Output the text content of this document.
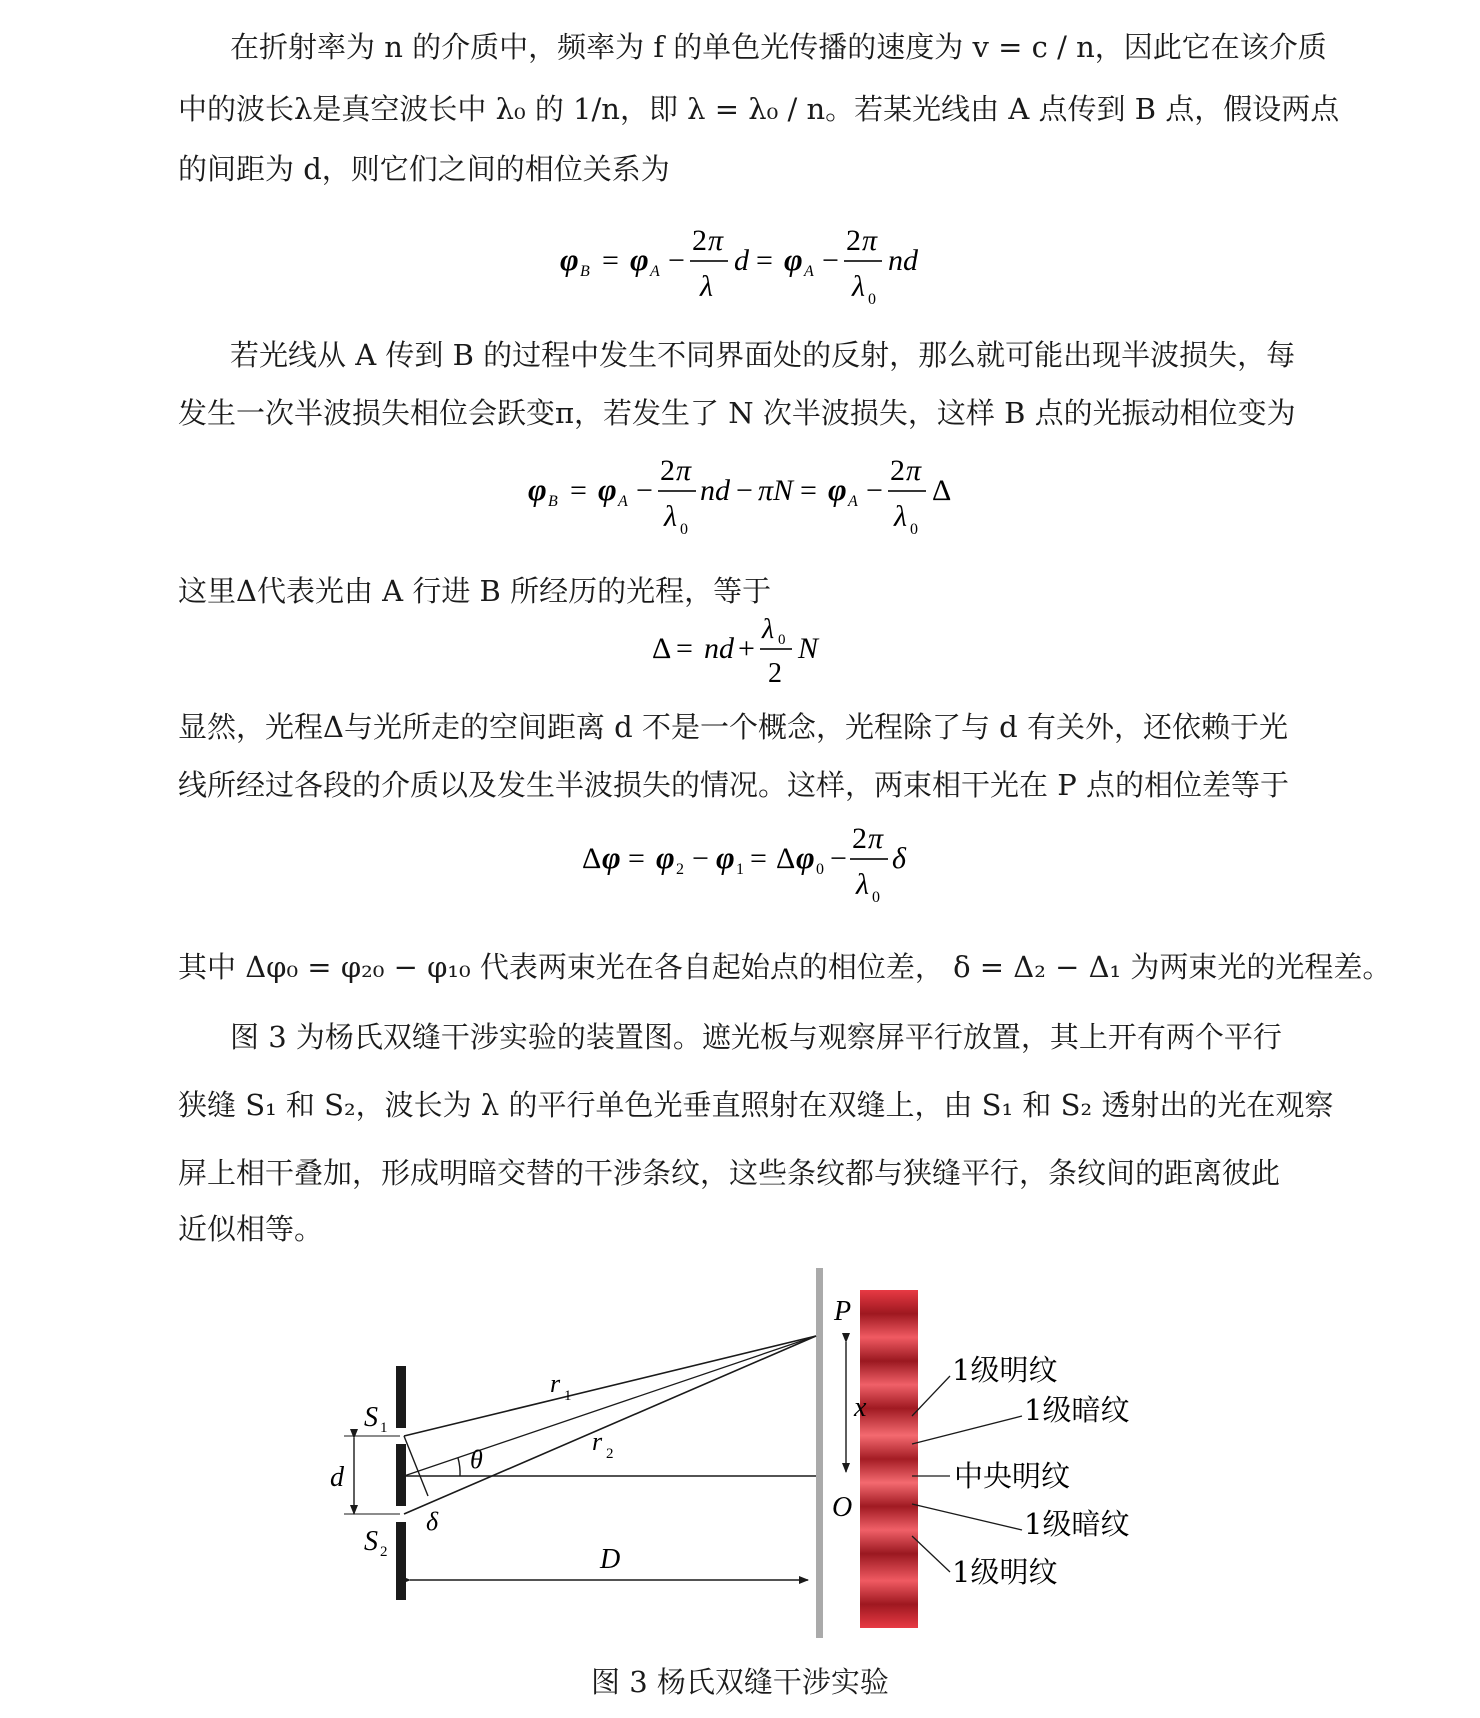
在折射率为 n 的介质中，频率为 f 的单色光传播的速度为 v = c / n，因此它在该介质
中的波长λ是真空波长中 λ₀ 的 1/n，即 λ = λ₀ / n。若某光线由 A 点传到 B 点，假设两点
的间距为 d，则它们之间的相位关系为
φ B = φ A −
2 π
λ
d = φ A −
2 π
λ 0
nd
若光线从 A 传到 B 的过程中发生不同界面处的反射，那么就可能出现半波损失，每
发生一次半波损失相位会跃变π，若发生了 N 次半波损失，这样 B 点的光振动相位变为
φ B = φ A −
2 π
λ 0
nd − πN = φ A −
2 π
λ 0
Δ
这里Δ代表光由 A 行进 B 所经历的光程，等于
Δ = nd +
λ 0
2
N
显然，光程Δ与光所走的空间距离 d 不是一个概念，光程除了与 d 有关外，还依赖于光
线所经过各段的介质以及发生半波损失的情况。这样，两束相干光在 P 点的相位差等于
Δ φ = φ 2 − φ 1 = Δ φ 0 −
2 π
λ 0
δ
其中 Δφ₀ = φ₂₀ − φ₁₀ 代表两束光在各自起始点的相位差， δ = Δ₂ − Δ₁ 为两束光的光程差。
图 3 为杨氏双缝干涉实验的装置图。遮光板与观察屏平行放置，其上开有两个平行
狭缝 S₁ 和 S₂，波长为 λ 的平行单色光垂直照射在双缝上，由 S₁ 和 S₂ 透射出的光在观察
屏上相干叠加，形成明暗交替的干涉条纹，这些条纹都与狭缝平行，条纹间的距离彼此
近似相等。
P
O
x
r 1
r 2
θ
d
δ
D
S 1
S 2
1级明纹
1级暗纹
中央明纹
1级暗纹
1级明纹
图 3 杨氏双缝干涉实验
